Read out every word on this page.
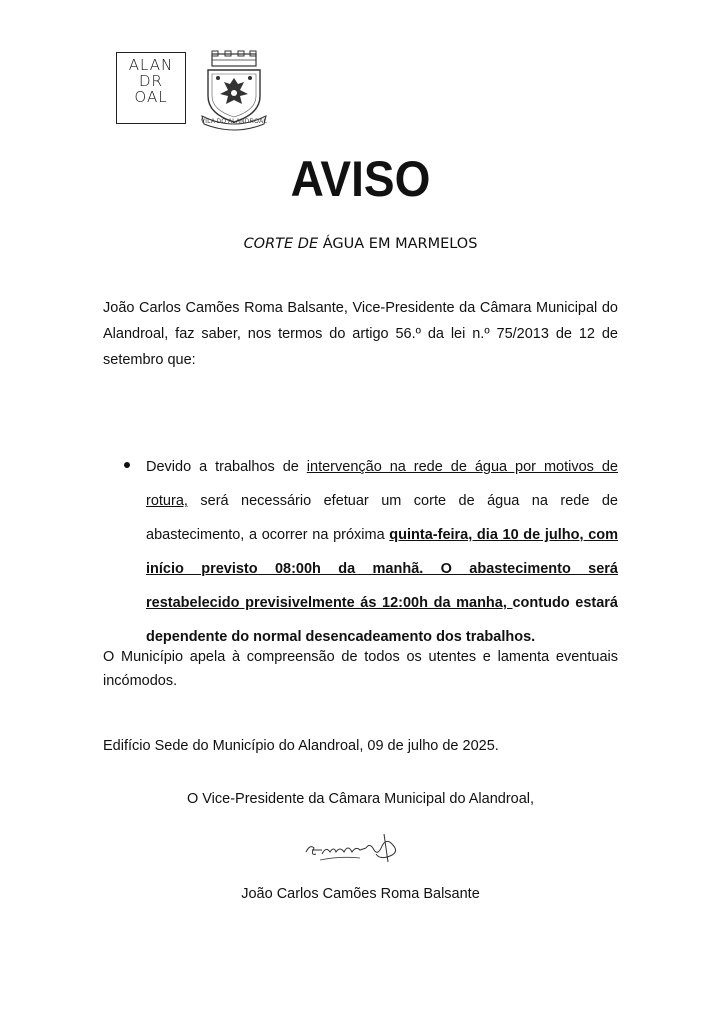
ALAN
DR
OAL
VILA DO ALANDROAL
AVISO
CORTE DE ÁGUA EM MARMELOS
João Carlos Camões Roma Balsante, Vice-Presidente da Câmara Municipal do Alandroal, faz saber, nos termos do artigo 56.º da lei n.º 75/2013 de 12 de setembro que:
Devido a trabalhos de intervenção na rede de água por motivos de rotura, será necessário efetuar um corte de água na rede de abastecimento, a ocorrer na próxima quinta-feira, dia 10 de julho, com início previsto 08:00h da manhã. O abastecimento será restabelecido previsivelmente ás 12:00h da manha, contudo estará dependente do normal desencadeamento dos trabalhos.
O Município apela à compreensão de todos os utentes e lamenta eventuais incómodos.
Edifício Sede do Município do Alandroal, 09 de julho de 2025.
O Vice-Presidente da Câmara Municipal do Alandroal,
João Carlos Camões Roma Balsante
